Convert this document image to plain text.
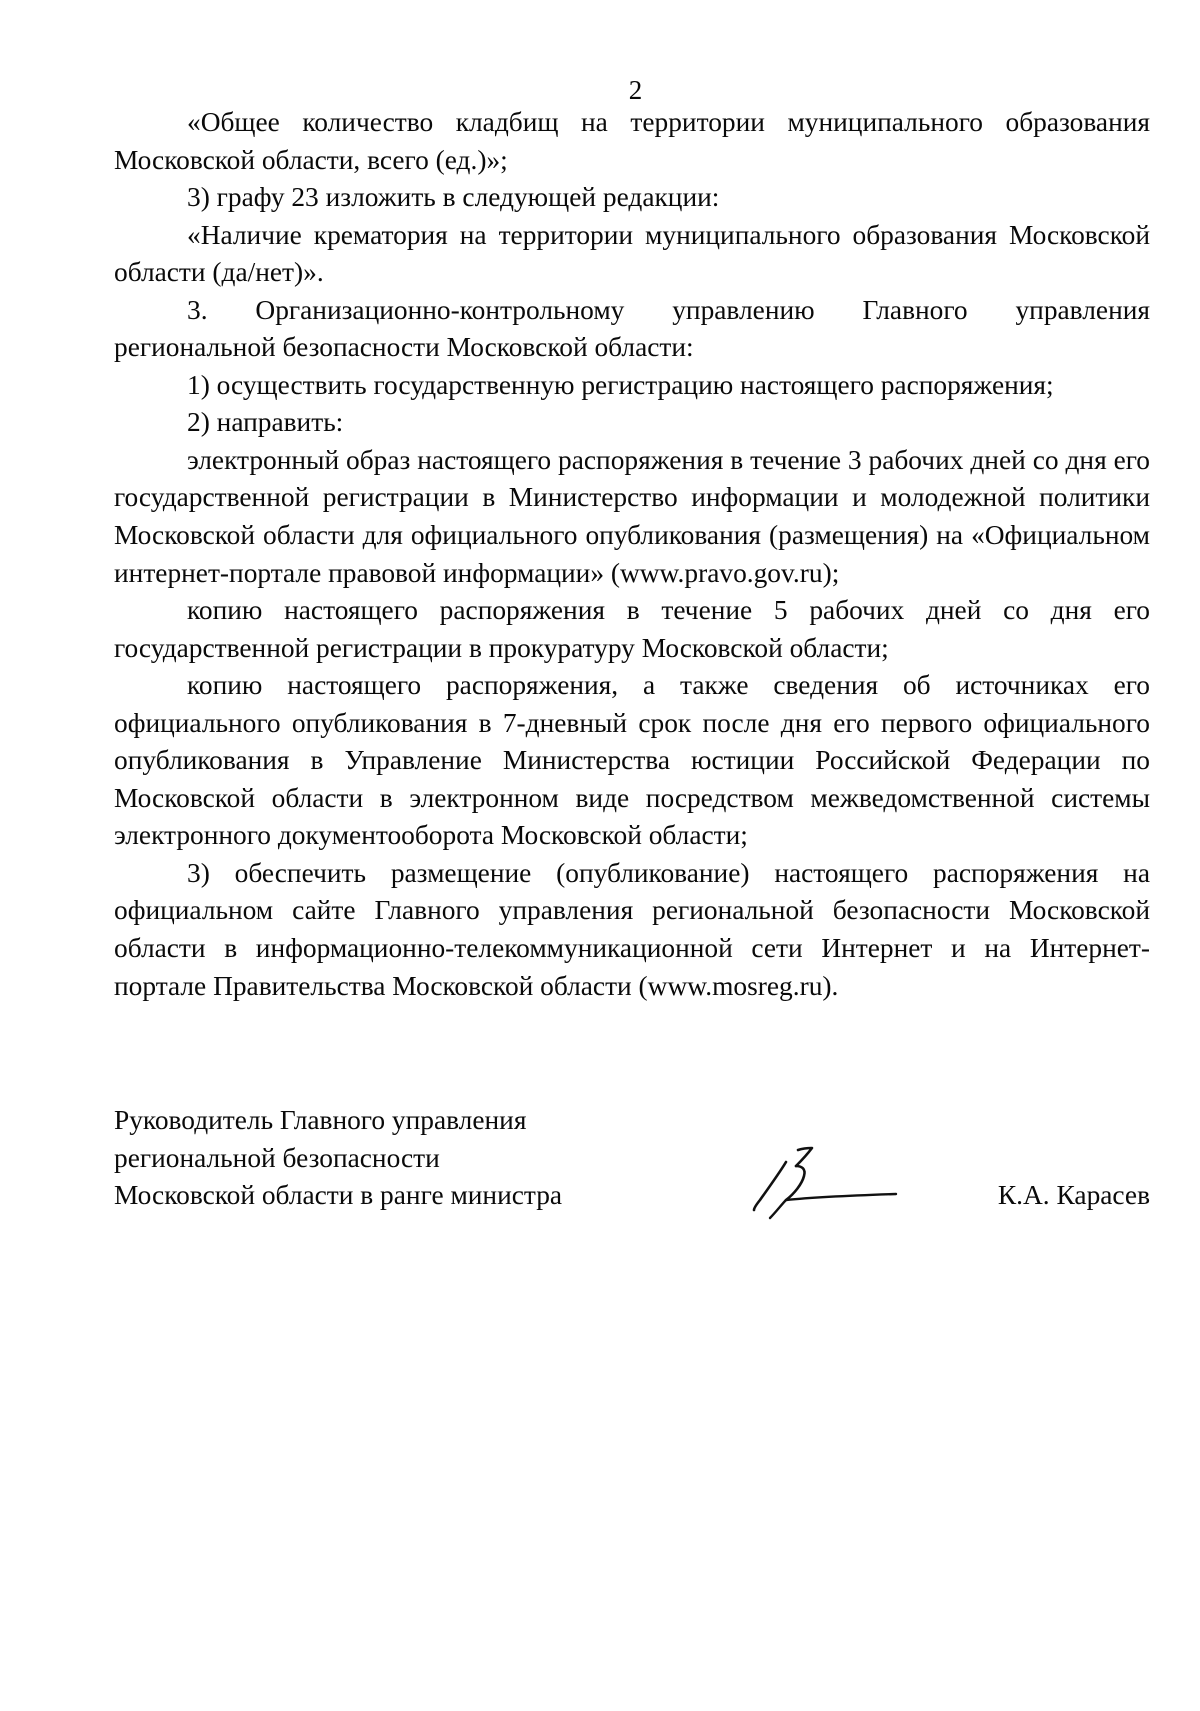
2

«Общее количество кладбищ на территории муниципального образования Московской области, всего (ед.)»;

3) графу 23 изложить в следующей редакции:

«Наличие крематория на территории муниципального образования Московской области (да/нет)».

3. Организационно-контрольному управлению Главного управления региональной безопасности Московской области:

1) осуществить государственную регистрацию настоящего распоряжения;

2) направить:

электронный образ настоящего распоряжения в течение 3 рабочих дней со дня его государственной регистрации в Министерство информации и молодежной политики Московской области для официального опубликования (размещения) на «Официальном интернет-портале правовой информации» (www.pravo.gov.ru);

копию настоящего распоряжения в течение 5 рабочих дней со дня его государственной регистрации в прокуратуру Московской области;

копию настоящего распоряжения, а также сведения об источниках его официального опубликования в 7-дневный срок после дня его первого официального опубликования в Управление Министерства юстиции Российской Федерации по Московской области в электронном виде посредством межведомственной системы электронного документооборота Московской области;

3) обеспечить размещение (опубликование) настоящего распоряжения на официальном сайте Главного управления региональной безопасности Московской области в информационно-телекоммуникационной сети Интернет и на Интернет-портале Правительства Московской области (www.mosreg.ru).

Руководитель Главного управления
региональной безопасности
Московской области в ранге министра	К.А. Карасев
